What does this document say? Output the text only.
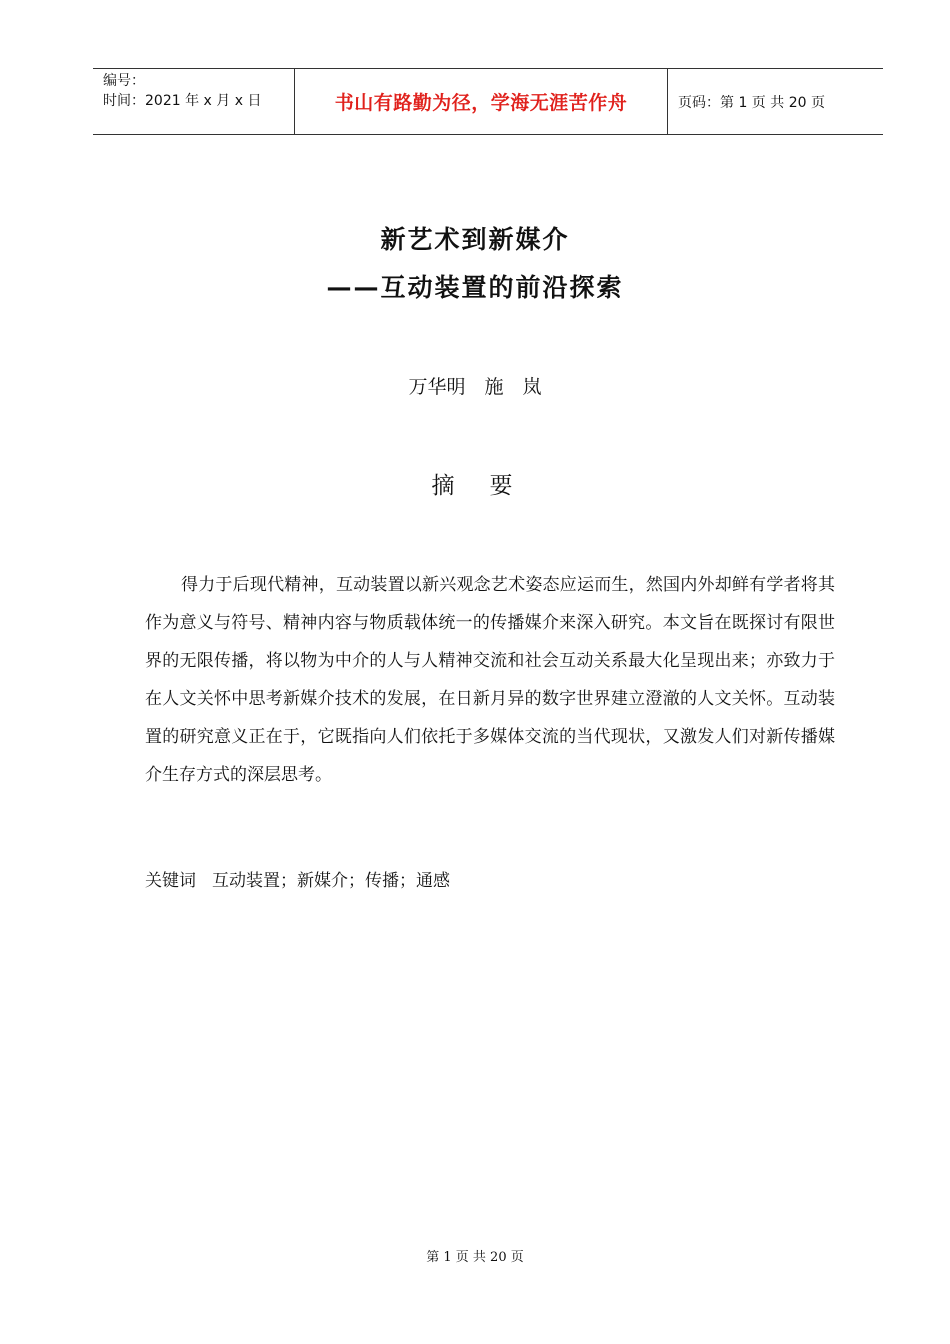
编号：
时间：2021 年 x 月 x 日	书山有路勤为径，学海无涯苦作舟	页码：第 1 页 共 20 页
新艺术到新媒介
——互动装置的前沿探索
万华明　施　岚
摘　要

得力于后现代精神，互动装置以新兴观念艺术姿态应运而生，然国内外却鲜有学者将其作为意义与符号、精神内容与物质载体统一的传播媒介来深入研究。本文旨在既探讨有限世界的无限传播，将以物为中介的人与人精神交流和社会互动关系最大化呈现出来；亦致力于在人文关怀中思考新媒介技术的发展，在日新月异的数字世界建立澄澈的人文关怀。互动装置的研究意义正在于，它既指向人们依托于多媒体交流的当代现状，又激发人们对新传播媒介生存方式的深层思考。

关键词 互动装置；新媒介；传播；通感
第 1 页 共 20 页
